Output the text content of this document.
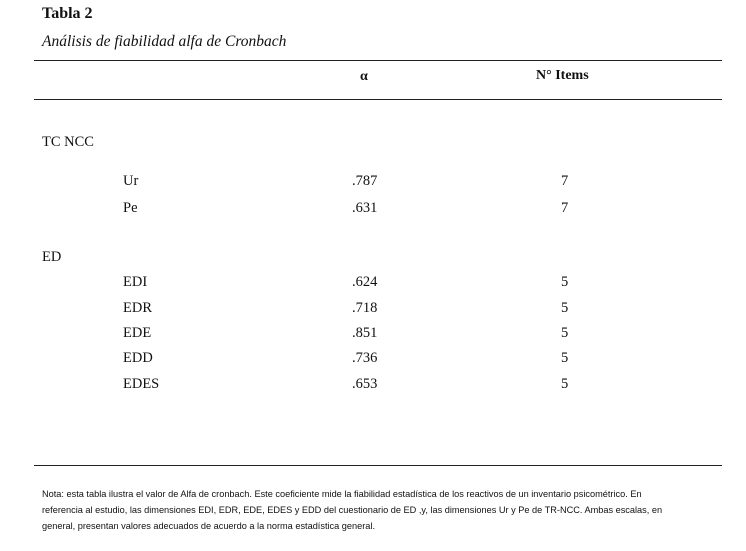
Tabla 2
Análisis de fiabilidad alfa de Cronbach
α	N° Items
TC NCC
Ur	.787	7
Pe	.631	7
ED
EDI	.624	5
EDR	.718	5
EDE	.851	5
EDD	.736	5
EDES	.653	5
Nota: esta tabla ilustra el valor de Alfa de cronbach. Este coeficiente mide la fiabilidad estadística de los reactivos de un inventario psicométrico. En referencia al estudio, las dimensiones EDI, EDR, EDE, EDES y EDD del cuestionario de ED ,y, las dimensiones Ur y Pe de TR-NCC. Ambas escalas, en general, presentan valores adecuados de acuerdo a la norma estadística general.
